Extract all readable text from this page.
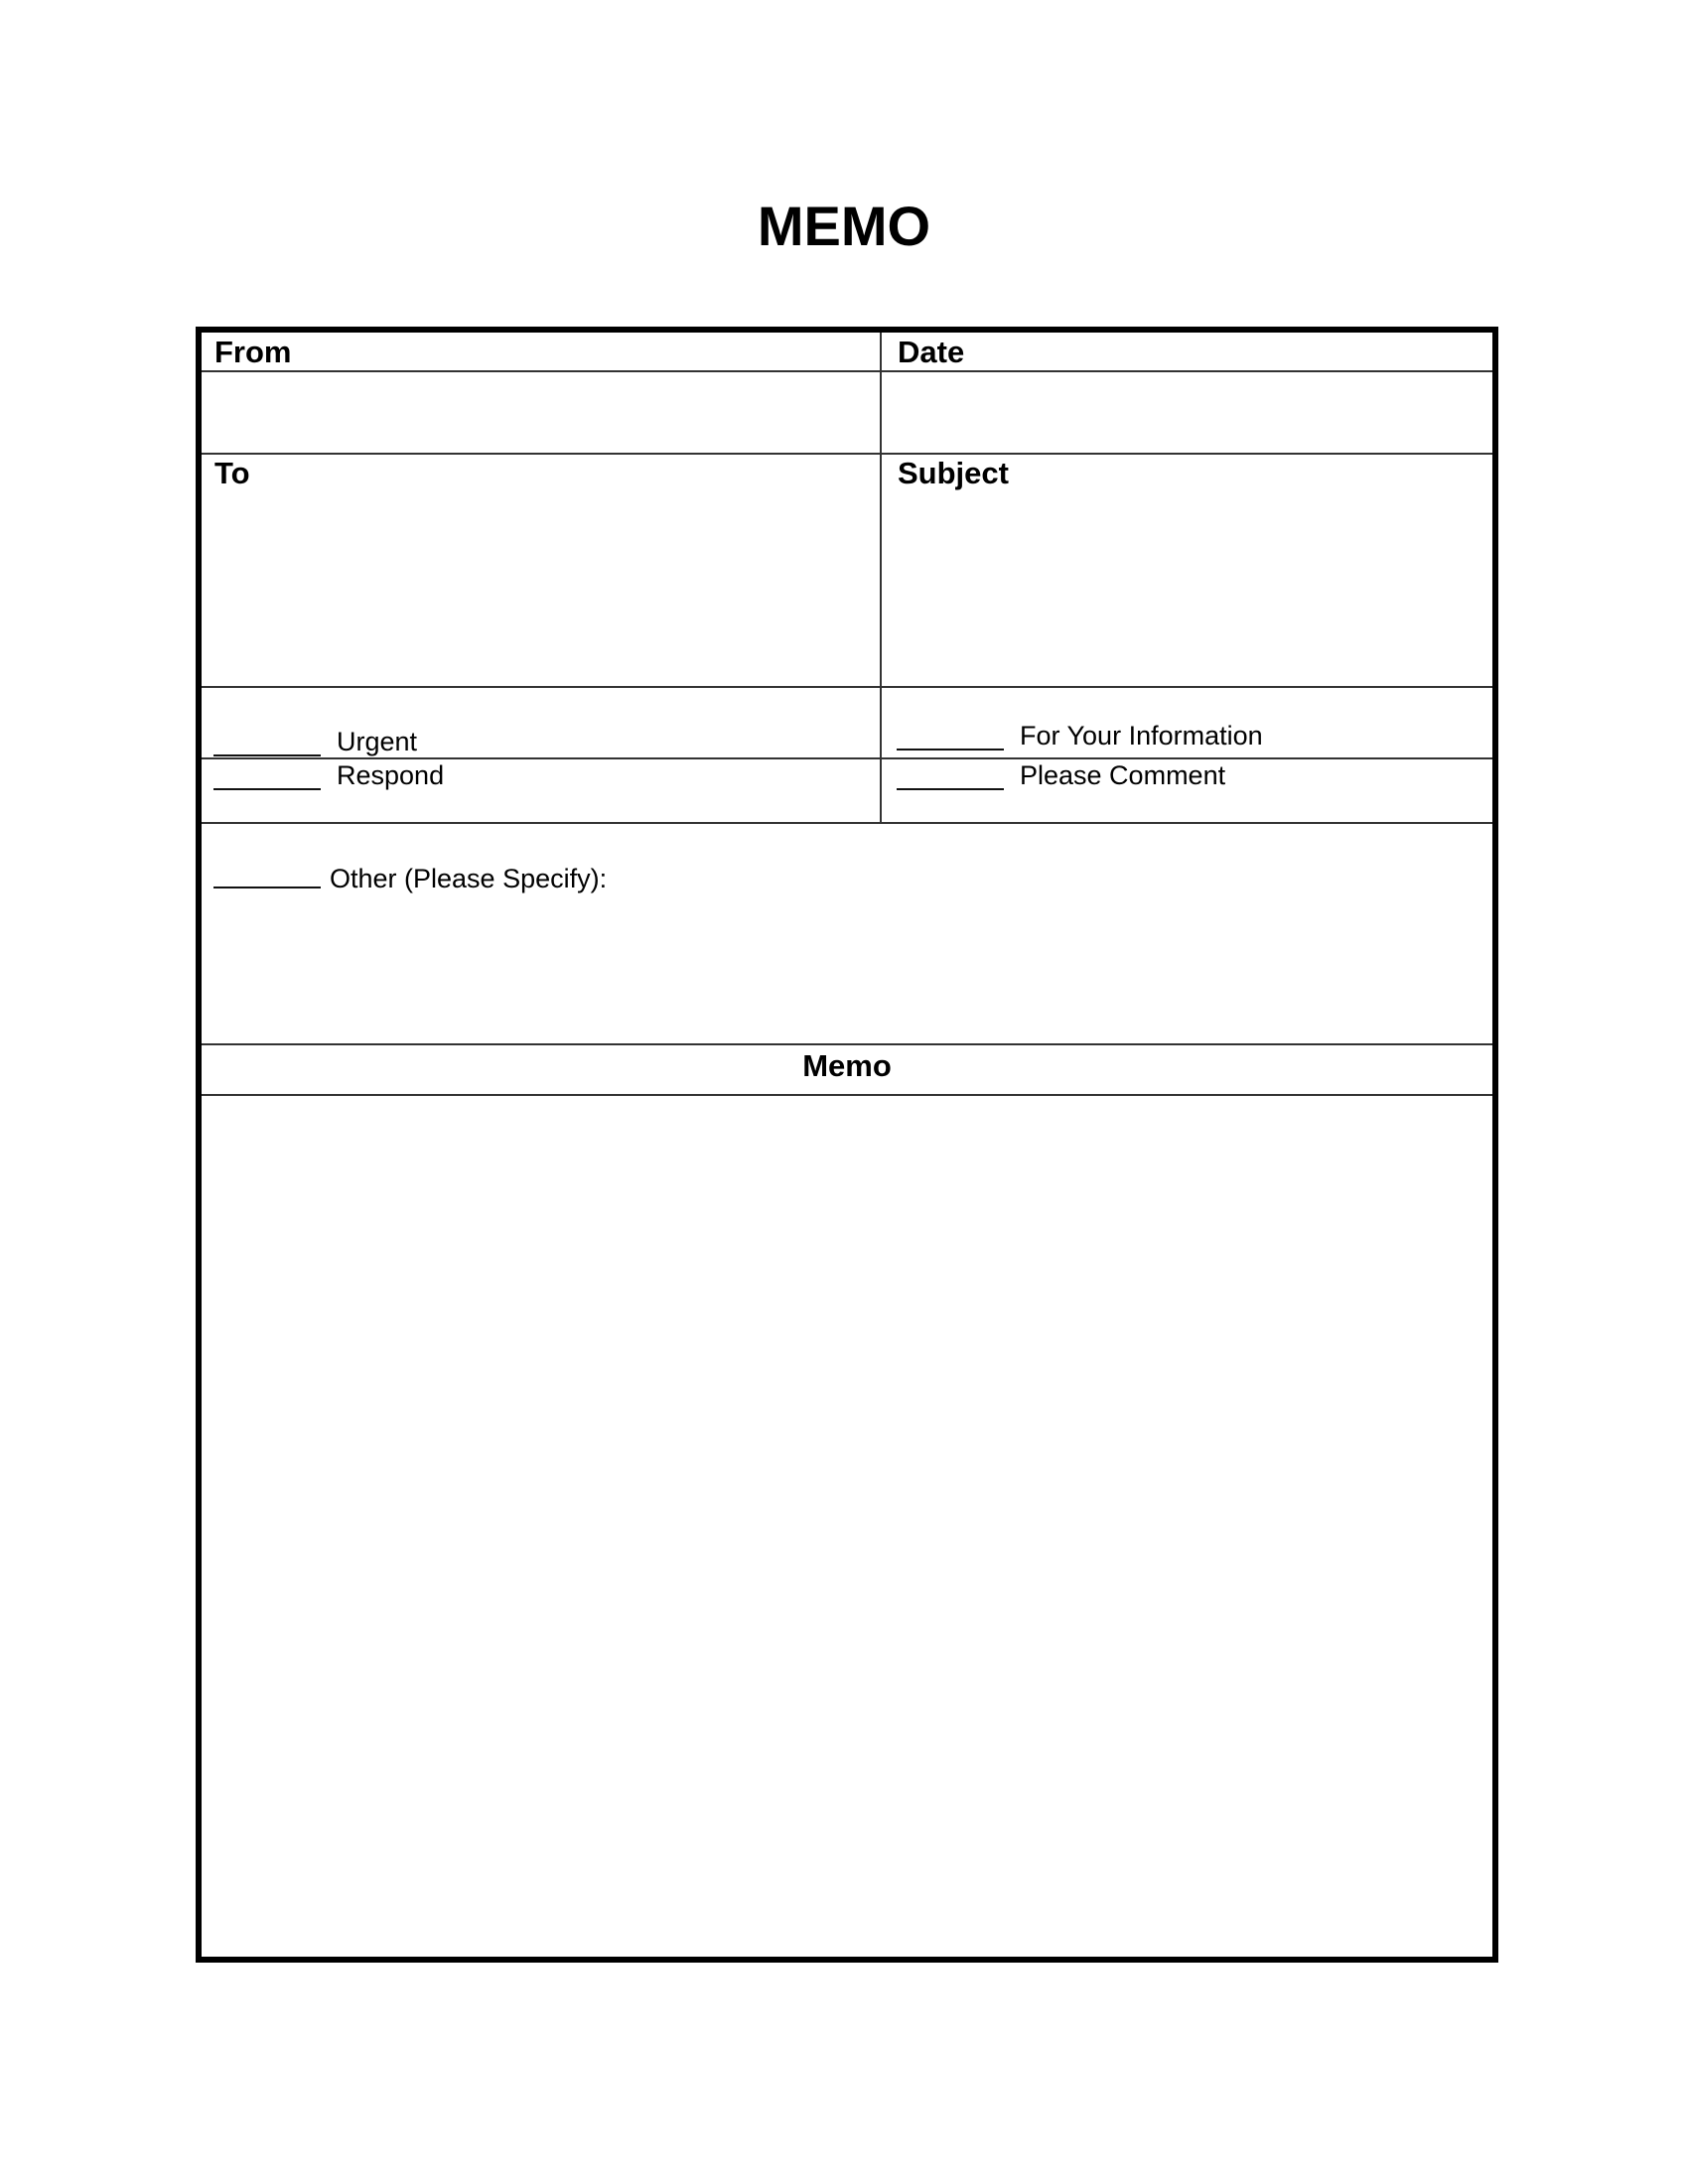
MEMO
From	Date
To	Subject
Urgent
Respond
For Your Information
Please Comment
Other (Please Specify):
Memo
